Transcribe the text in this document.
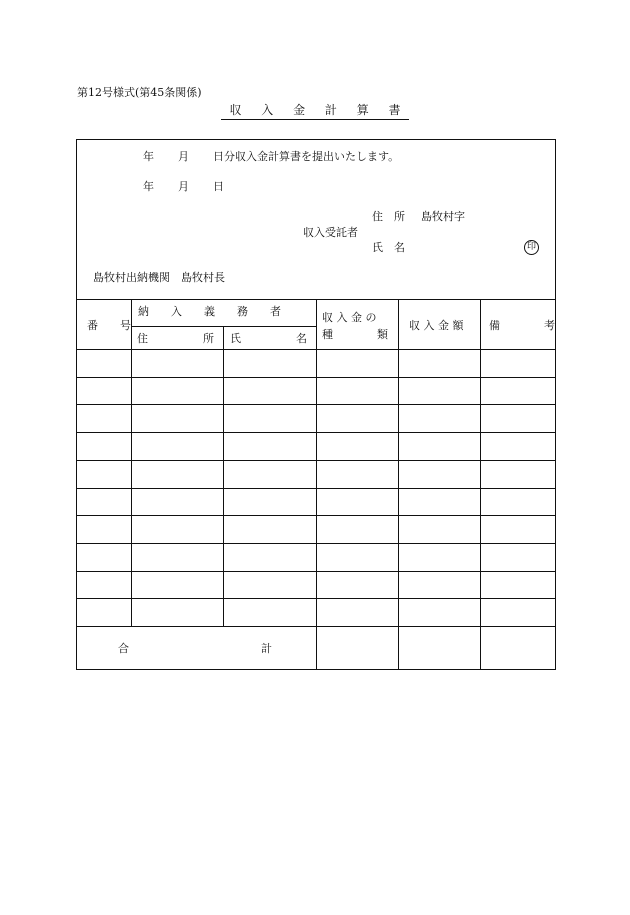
第12号様式(第45条関係)
収 入 金 計 算 書
年 月 日分収入金計算書を提出いたします。
年 月 日
住　所 島牧村字
収入受託者
氏　名	印
島牧村出納機関　島牧村長
番　　号
納　　入　　義　　務　　者
住　　　　　所 氏　　　　　名
収 入 金 の
種　　　　類
収 入 金 額 備　　　　考
合　　　　　　　　　　　　計
